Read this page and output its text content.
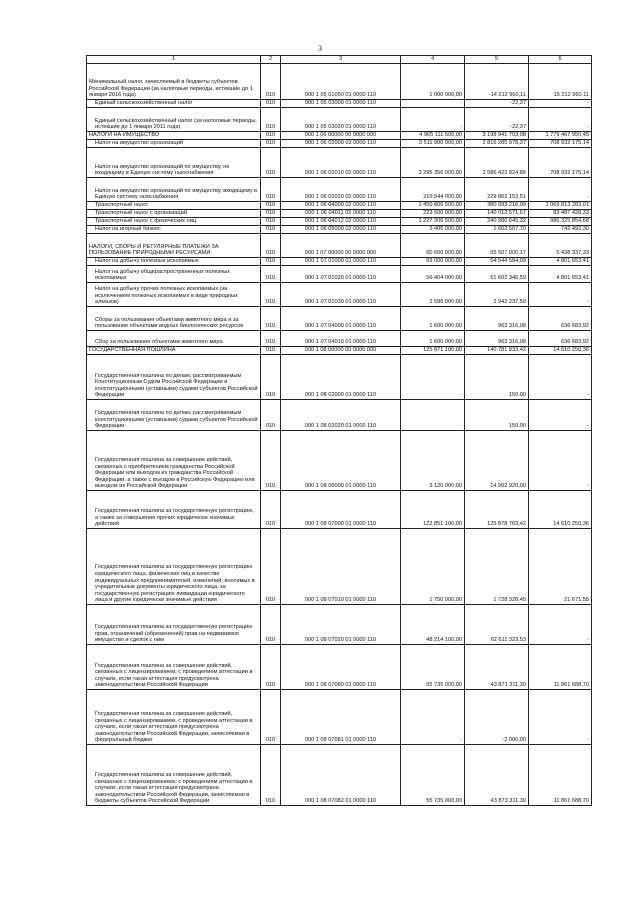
3
1	2	3	4	5	6
Минимальный налог, зачисляемый в бюджеты субъектов Российской Федерации (за налоговые периоды, истекшие до 1 января 2016 года)	010	000 1 05 01050 01 0000 110	1 000 000,00	-14 212 960,11	15 212 960,11
Единый сельскохозяйственный налог	010	000 1 05 03000 01 0000 110	-	-22,37	-
Единый сельскохозяйственный налог (за налоговые периоды, истекшие до 1 января 2011 года)	010	000 1 05 03020 01 0000 110	-	-22,37	-
НАЛОГИ НА ИМУЩЕСТВО	010	000 1 06 00000 00 0000 000	4 965 111 500,00	3 198 941 703,08	1 779 467 950,45
Налог на имущество организаций	010	000 1 06 02000 02 0000 110	3 511 900 000,00	2 816 285 978,37	708 932 175,14
Налог на имущество организаций по имуществу, не входящему в Единую систему газоснабжения	010	000 1 06 02010 02 0000 110	3 295 356 000,00	2 586 423 824,86	708 932 175,14
Налог на имущество организаций по имуществу, входящему в Единую систему газоснабжения	010	000 1 06 02020 02 0000 110	216 544 000,00	229 862 153,51	-
Транспортный налог	010	000 1 06 04000 02 0000 110	1 450 806 500,00	380 993 216,99	1 069 813 283,01
Транспортный налог с организаций	010	000 1 06 04011 02 0000 110	223 500 000,00	140 012 571,67	83 487 428,33
Транспортный налог с физических лиц	010	000 1 06 04012 02 0000 110	1 227 306 500,00	240 980 645,32	986 325 854,68
Налог на игорный бизнес	010	000 1 06 05000 02 0000 110	2 405 000,00	1 662 507,70	742 492,30
НАЛОГИ, СБОРЫ И РЕГУЛЯРНЫЕ ПЛАТЕЖИ ЗА ПОЛЬЗОВАНИЕ ПРИРОДНЫМИ РЕСУРСАМИ	010	000 1 07 00000 00 0000 000	60 600 000,00	55 507 000,17	5 438 337,33
Налог на добычу полезных ископаемых	010	000 1 07 01000 01 0000 110	59 000 000,00	54 544 584,09	4 801 653,41
Налог на добычу общераспространенных полезных ископаемых	010	000 1 07 01020 01 0000 110	56 404 000,00	51 602 346,59	4 801 653,41
Налог на добычу прочих полезных ископаемых (за исключением полезных ископаемых в виде природных алмазов)	010	000 1 07 01030 01 0000 110	2 596 000,00	2 942 237,50	-
Сборы за пользование объектами животного мира и за пользование объектами водных биологических ресурсов	010	000 1 07 04000 01 0000 110	1 600 000,00	963 316,08	636 683,92
Сбор за пользование объектами животного мира	010	000 1 07 04010 01 0000 110	1 600 000,00	963 316,08	636 683,92
ГОСУДАРСТВЕННАЯ ПОШЛИНА	010	000 1 08 00000 00 0000 000	125 871 100,00	140 781 833,42	14 610 250,36
Государственная пошлина по делам, рассматриваемым Конституционным Судом Российской Федерации и конституционными (уставными) судами субъектов Российской Федерации	010	000 1 08 02000 01 0000 110	-	150,00	-
Государственная пошлина по делам, рассматриваемым конституционными (уставными) судами субъектов Российской Федерации	010	000 1 08 02020 01 0000 110	-	150,00	-
Государственная пошлина за совершение действий, связанных с приобретением гражданства Российской Федерации или выходом из гражданства Российской Федерации, а также с въездом в Российскую Федерацию или выездом из Российской Федерации	010	000 1 08 06000 01 0000 110	3 120 000,00	14 902 920,00	-
Государственная пошлина за государственную регистрацию, а также за совершение прочих юридически значимых действий	010	000 1 08 07000 01 0000 110	122 851 100,00	125 878 763,42	14 610 250,36
Государственная пошлина за государственную регистрацию юридического лица, физических лиц в качестве индивидуальных предпринимателей, изменений, вносимых в учредительные документы юридического лица, за государственную регистрацию ликвидации юридического лица и другие юридически значимые действия	010	000 1 08 07010 01 0000 110	1 750 000,00	1 728 328,45	21 671,55
Государственная пошлина за государственную регистрацию прав, ограничений (обременений) прав на недвижимое имущество и сделок с ним	010	000 1 08 07020 01 0000 110	48 214 100,00	62 611 323,53	-
Государственная пошлина за совершение действий, связанных с лицензированием, с проведением аттестации в случаях, если такая аттестация предусмотрена законодательством Российской Федерации	010	000 1 08 07080 01 0000 110	55 735 000,00	43 871 311,30	11 861 688,70
Государственная пошлина за совершение действий, связанных с лицензированием, с проведением аттестации в случаях, если такая аттестация предусмотрена законодательством Российской Федерации, зачисляемая в федеральный бюджет	010	000 1 08 07081 01 0000 110	-	-2 000,00	-
Государственная пошлина за совершение действий, связанных с лицензированием, с проведением аттестации в случаях, если такая аттестация предусмотрена законодательством Российской Федерации, зачисляемая в бюджеты субъектов Российской Федерации	010	000 1 08 07082 01 0000 110	55 735 000,00	43 873 311,30	11 861 688,70
